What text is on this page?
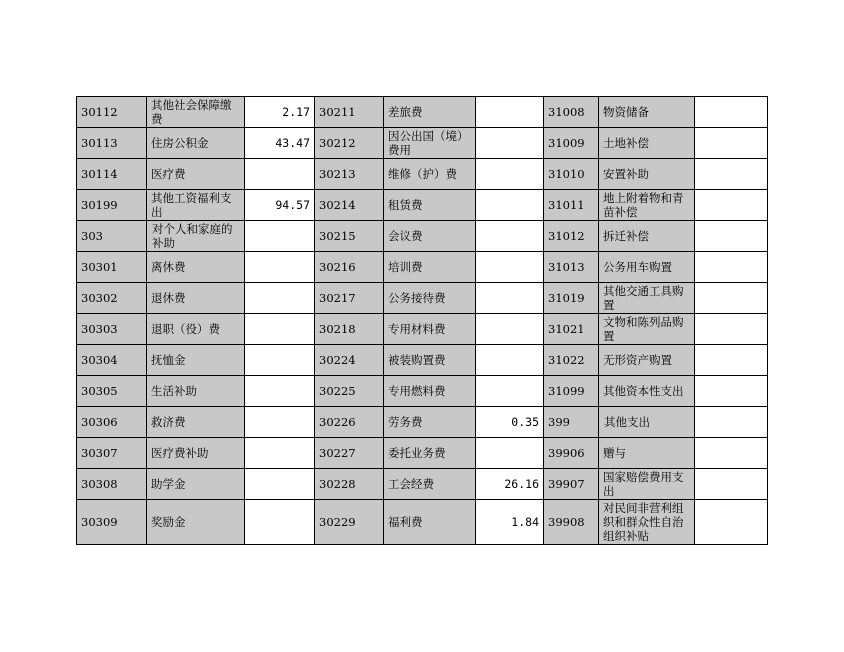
30112	其他社会保障缴费	2.17	30211	差旅费		31008	物资储备	
30113	住房公积金	43.47	30212	因公出国（境）费用		31009	土地补偿	
30114	医疗费		30213	维修（护）费		31010	安置补助	
30199	其他工资福利支出	94.57	30214	租赁费		31011	地上附着物和青苗补偿	
303	对个人和家庭的补助		30215	会议费		31012	拆迁补偿	
30301	离休费		30216	培训费		31013	公务用车购置	
30302	退休费		30217	公务接待费		31019	其他交通工具购置	
30303	退职（役）费		30218	专用材料费		31021	文物和陈列品购置	
30304	抚恤金		30224	被装购置费		31022	无形资产购置	
30305	生活补助		30225	专用燃料费		31099	其他资本性支出	
30306	救济费		30226	劳务费	0.35	399	其他支出	
30307	医疗费补助		30227	委托业务费		39906	赠与	
30308	助学金		30228	工会经费	26.16	39907	国家赔偿费用支出	
30309	奖励金		30229	福利费	1.84	39908	对民间非营利组织和群众性自治组织补贴	
